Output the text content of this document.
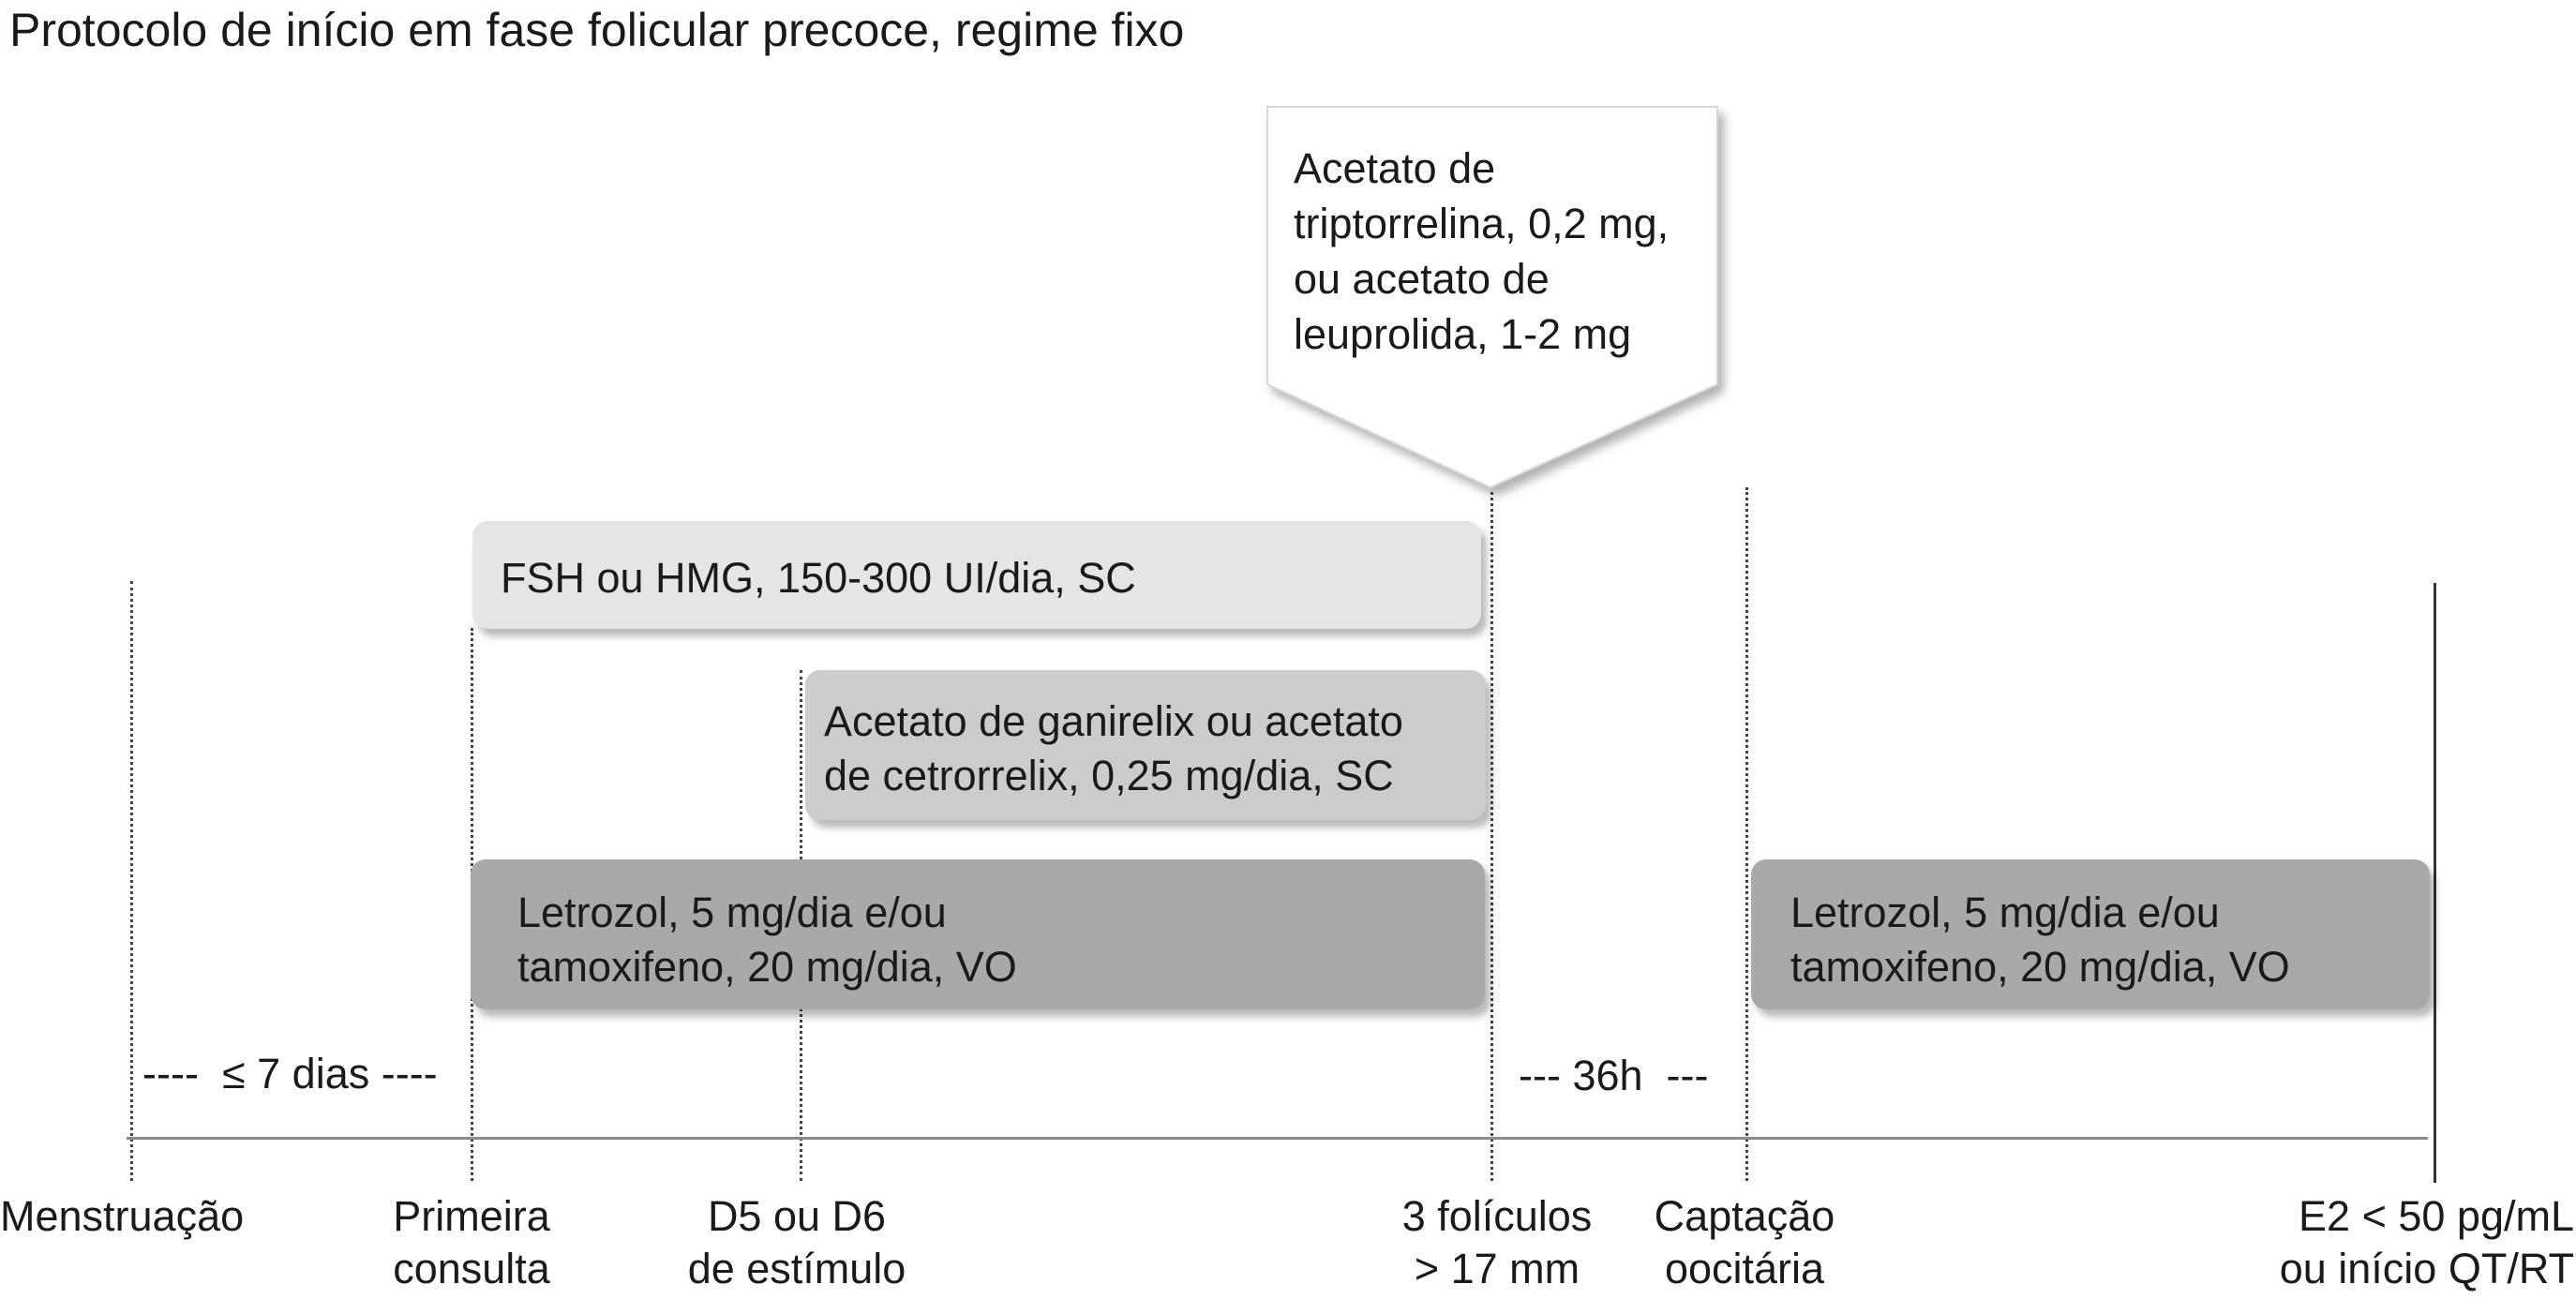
Protocolo de início em fase folicular precoce, regime fixo
Acetato de
triptorrelina, 0,2 mg,
ou acetato de
leuprolida, 1-2 mg
FSH ou HMG, 150-300 UI/dia, SC
Acetato de ganirelix ou acetato
de cetrorrelix, 0,25 mg/dia, SC
Letrozol, 5 mg/dia e/ou
tamoxifeno, 20 mg/dia, VO
Letrozol, 5 mg/dia e/ou
tamoxifeno, 20 mg/dia, VO
----  ≤ 7 dias ----	--- 36h  ---
Menstruação	Primeira
consulta
D5 ou D6
de estímulo
3 folículos
> 17 mm
Captação
oocitária
E2 < 50 pg/mL
ou início QT/RT
